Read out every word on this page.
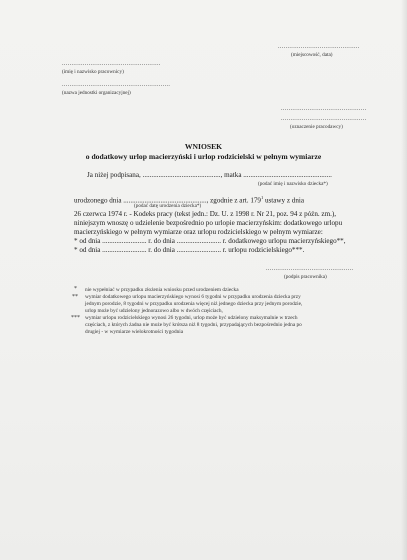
...........................................
(miejscowość, data)
....................................................
(imię i nazwisko pracownicy)
.........................................................
(nazwa jednostki organizacyjnej)
.............................................
.............................................
(oznaczenie pracodawcy)
WNIOSEK
o dodatkowy urlop macierzyński i urlop rodzicielski w pełnym wymiarze
Ja niżej podpisana, ............................................, matka ..................................................
(podać imię i nazwisko dziecka*)
urodzonego dnia ..............................................., zgodnie z art. $179^1$ ustawy z dnia
(podać datę urodzenia dziecka*)
26 czerwca 1974 r. - Kodeks pracy (tekst jedn.: Dz. U. z 1998 r. Nr 21, poz. 94 z późn. zm.),
niniejszym wnoszę o udzielenie bezpośrednio po urlopie macierzyńskim: dodatkowego urlopu
macierzyńskiego w pełnym wymiarze oraz urlopu rodzicielskiego w pełnym wymiarze:
* od dnia ......................... r. do dnia ......................... r. dodatkowego urlopu macierzyńskiego**,
* od dnia ......................... r. do dnia ......................... r. urlopu rodzicielskiego***.
..............................................
(podpis pracownika)
* nie wypełniać w przypadku złożenia wniosku przed urodzeniem dziecka
** wymiar dodatkowego urlopu macierzyńskiego wynosi 6 tygodni w przypadku urodzenia dziecka przy
jednym porodzie, 8 tygodni w przypadku urodzenia więcej niż jednego dziecka przy jednym porodzie,
urlop może być udzielony jednorazowo albo w dwóch częściach,
*** wymiar urlopu rodzicielskiego wynosi 26 tygodni, urlop może być udzielony maksymalnie w trzech
częściach, z których żadna nie może być krótsza niż 8 tygodni, przypadających bezpośrednio jedna po
drugiej - w wymiarze wielokrotności tygodnia
